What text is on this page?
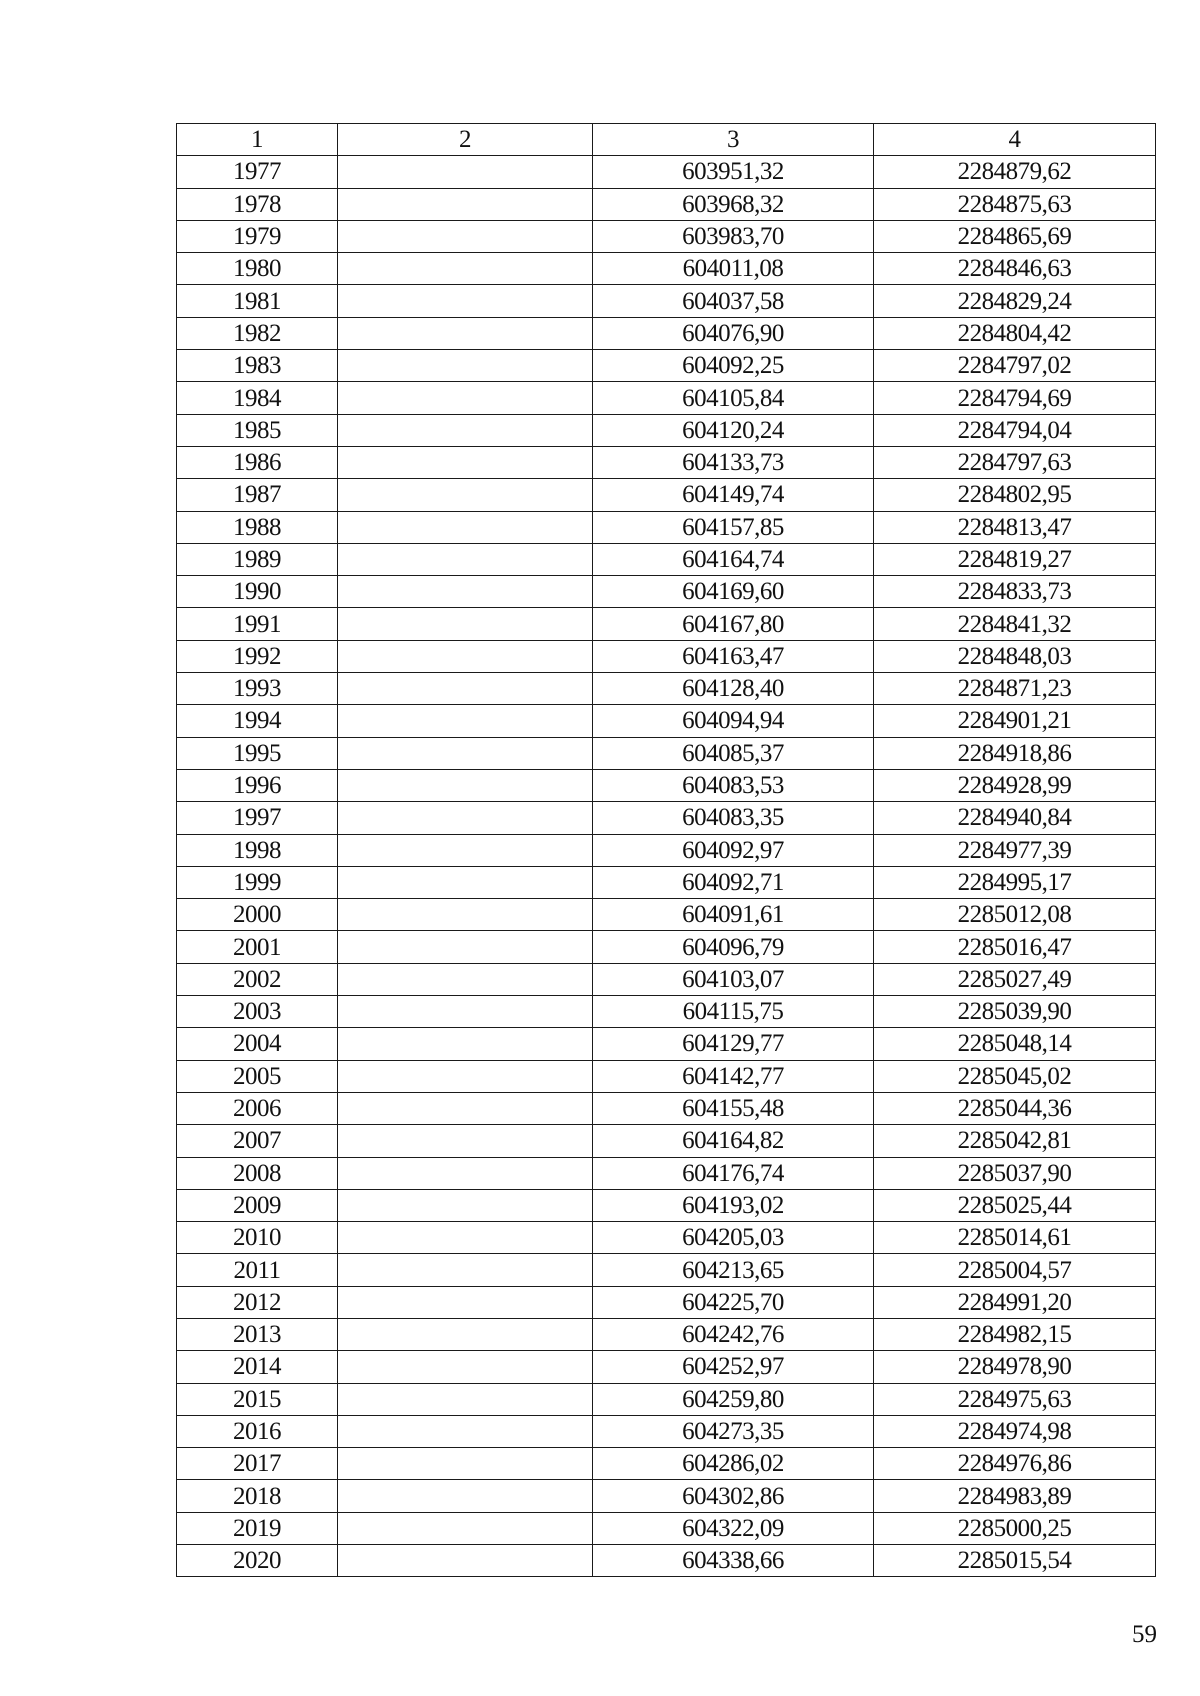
1	2	3	4
1977		603951,32	2284879,62
1978		603968,32	2284875,63
1979		603983,70	2284865,69
1980		604011,08	2284846,63
1981		604037,58	2284829,24
1982		604076,90	2284804,42
1983		604092,25	2284797,02
1984		604105,84	2284794,69
1985		604120,24	2284794,04
1986		604133,73	2284797,63
1987		604149,74	2284802,95
1988		604157,85	2284813,47
1989		604164,74	2284819,27
1990		604169,60	2284833,73
1991		604167,80	2284841,32
1992		604163,47	2284848,03
1993		604128,40	2284871,23
1994		604094,94	2284901,21
1995		604085,37	2284918,86
1996		604083,53	2284928,99
1997		604083,35	2284940,84
1998		604092,97	2284977,39
1999		604092,71	2284995,17
2000		604091,61	2285012,08
2001		604096,79	2285016,47
2002		604103,07	2285027,49
2003		604115,75	2285039,90
2004		604129,77	2285048,14
2005		604142,77	2285045,02
2006		604155,48	2285044,36
2007		604164,82	2285042,81
2008		604176,74	2285037,90
2009		604193,02	2285025,44
2010		604205,03	2285014,61
2011		604213,65	2285004,57
2012		604225,70	2284991,20
2013		604242,76	2284982,15
2014		604252,97	2284978,90
2015		604259,80	2284975,63
2016		604273,35	2284974,98
2017		604286,02	2284976,86
2018		604302,86	2284983,89
2019		604322,09	2285000,25
2020		604338,66	2285015,54
59
